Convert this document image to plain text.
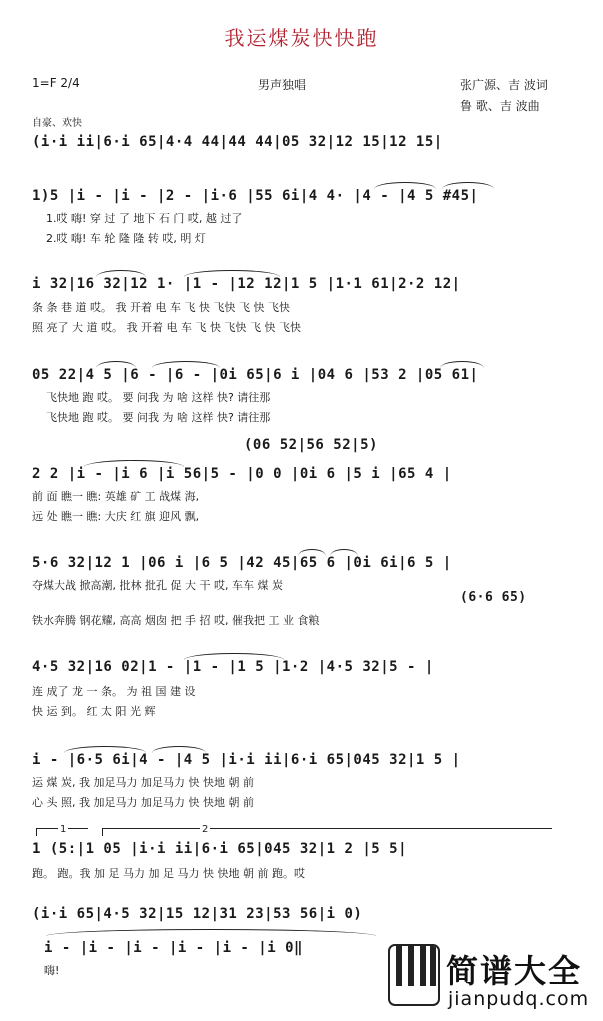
我运煤炭快快跑
1=F 2/4	男声独唱	张广源、吉 波词
鲁 歌、吉 波曲
自豪、欢快
(i·i ii|6·i 65|4·4 44|44 44|05 32|12 15|12 15|
1)5 |i - |i - |2 - |i·6 |55 6i|4 4· |4 - |4 5 #45|
1.哎 嗨! 穿 过 了 地下 石 门 哎, 越 过了
2.哎 嗨! 车 轮 隆 隆 转 哎, 明 灯
i 32|16 32|12 1· |1 - |12 12|1 5 |1·1 61|2·2 12|
条 条 巷 道 哎。 我 开着 电 车 飞 快 飞快 飞 快 飞快
照 亮了 大 道 哎。 我 开着 电 车 飞 快 飞快 飞 快 飞快
05 22|4 5 |6 - |6 - |0i 65|6 i |04 6 |53 2 |05 61|
飞快地 跑 哎。 要 问我 为 啥 这样 快? 请往那
飞快地 跑 哎。 要 问我 为 啥 这样 快? 请往那
(06 52|56 52|5)
2 2 |i - |i 6 |i 56|5 - |0 0 |0i 6 |5 i |65 4 |
前 面 瞧一 瞧: 英雄 矿 工 战煤 海,
远 处 瞧一 瞧: 大庆 红 旗 迎风 飘,
5·6 32|12 1 |06 i |6 5 |42 45|65 6 |0i 6i|6 5 |
夺煤大战 掀高潮, 批林 批孔 促 大 干 哎, 车车 煤 炭
(6·6 65)
铁水奔腾 钢花耀, 高高 烟囱 把 手 招 哎, 催我把 工 业 食粮
4·5 32|16 02|1 - |1 - |1 5 |1·2 |4·5 32|5 - |
连 成了 龙 一 条。 为 祖 国 建 设
快 运 到。 红 太 阳 光 辉
i - |6·5 6i|4 - |4 5 |i·i ii|6·i 65|045 32|1 5 |
运 煤 炭, 我 加足马力 加足马力 快 快地 朝 前
心 头 照, 我 加足马力 加足马力 快 快地 朝 前
1	2
1 (5:|1 05 |i·i ii|6·i 65|045 32|1 2 |5 5|
跑。 跑。我 加 足 马力 加 足 马力 快 快地 朝 前 跑。哎
(i·i 65|4·5 32|15 12|31 23|53 56|i 0)
i - |i - |i - |i - |i - |i 0‖
嗨!	简谱大全
jianpudq.com
